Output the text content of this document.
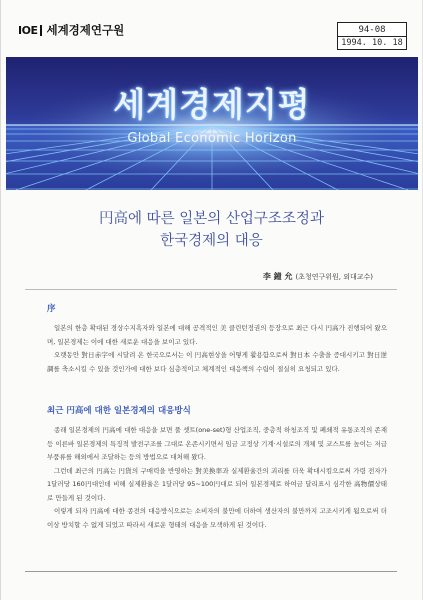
IOE 세계경제연구원	94-08
1994. 10. 18
세계경제지평
Global Economic Horizon
円高에 따른 일본의 산업구조조정과
한국경제의 대응
李 鐘 允 (초청연구위원, 외대교수)
序

일본의 한층 확대된 경상수지흑자와 일본에 대해 공격적인 美 클린턴정권의 등장으로 최근 다시 円高가 진행되어 왔으며, 일본경제는 이에 대한 새로운 대응을 보이고 있다.

오랫동안 對日赤字에 시달려 온 한국으로서는 이 円高현상을 어떻게 활용함으로써 對日本 수출을 증대시키고 對日逆調를 축소시킬 수 있을 것인가에 대한 보다 심층적이고 체계적인 대응책의 수립이 절실히 요청되고 있다.

최근 円高에 대한 일본경제의 대응방식

종래 일본경제의 円高에 대한 대응을 보면 풀 셋트(one-set)형 산업조직, 중층적 하청조직 및 폐쇄적 유통조직의 존재 등 이른바 일본경제의 특징적 발전구조를 그대로 온존시키면서 임금 고정상 기계·시설로의 개체 및 코스트를 높이는 저급 부품류를 해외에서 조달하는 등의 방법으로 대처해 왔다.

그런데 최근의 円高는 円貨의 구매력을 반영하는 對美換率과 실제환율간의 괴리를 더욱 확대시킴으로써 가령 전자가 1달러당 160円대인데 비해 실제환율은 1달러당 95~100円대로 되어 일본경제로 하여금 달리표시 심각한 高物價상태로 만들게 된 것이다.

이렇게 되자 円高에 대한 종전의 대응방식으로는 소비자의 불만에 더하여 생산자의 불만까지 고조시키게 됨으로써 더이상 방치할 수 없게 되었고 따라서 새로운 형태의 대응을 모색하게 된 것이다.
